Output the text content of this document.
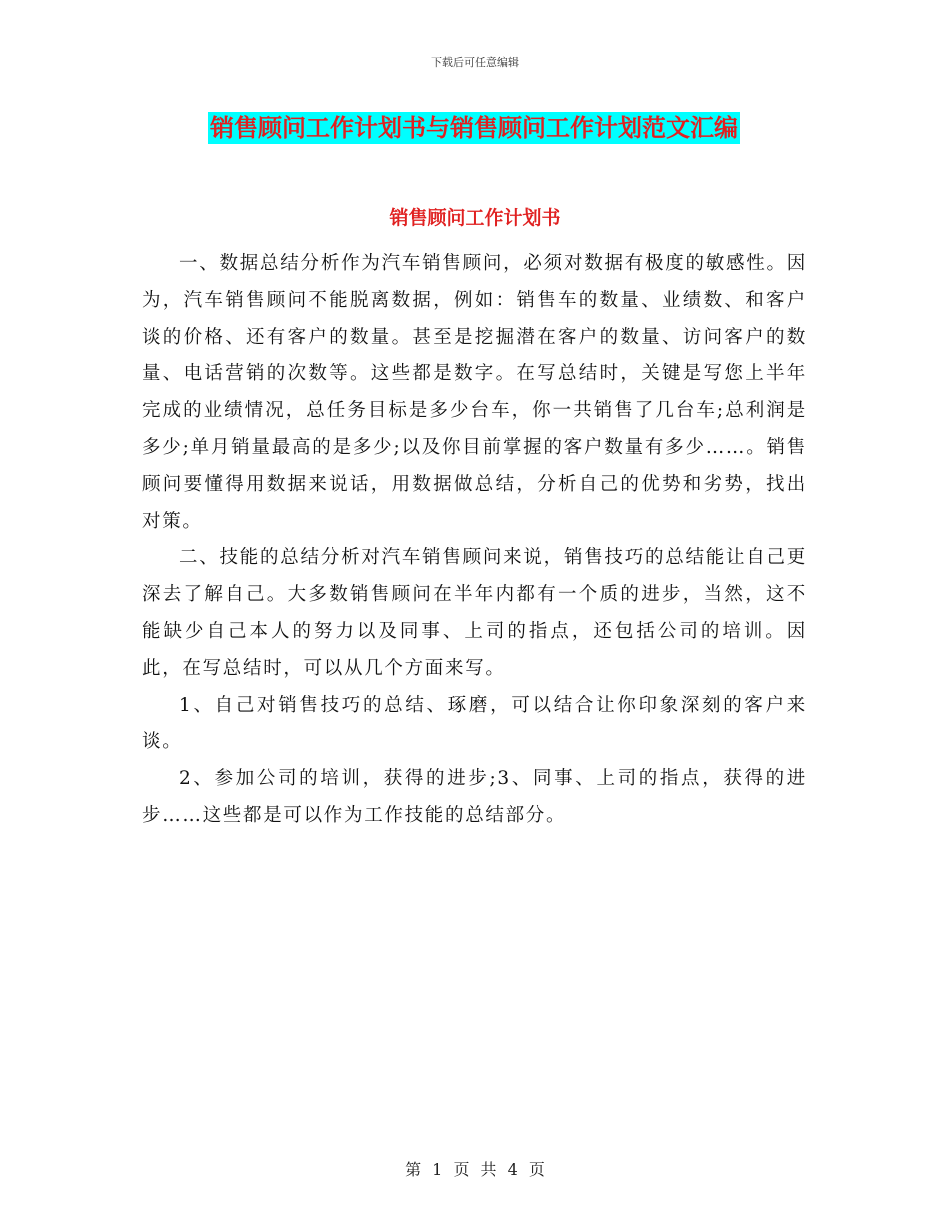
下载后可任意编辑
销售顾问工作计划书与销售顾问工作计划范文汇编
销售顾问工作计划书

一、数据总结分析作为汽车销售顾问，必须对数据有极度的敏感性。因为，汽车销售顾问不能脱离数据，例如：销售车的数量、业绩数、和客户谈的价格、还有客户的数量。甚至是挖掘潜在客户的数量、访问客户的数量、电话营销的次数等。这些都是数字。在写总结时，关键是写您上半年完成的业绩情况，总任务目标是多少台车，你一共销售了几台车;总利润是多少;单月销量最高的是多少;以及你目前掌握的客户数量有多少……。销售顾问要懂得用数据来说话，用数据做总结，分析自己的优势和劣势，找出对策。

二、技能的总结分析对汽车销售顾问来说，销售技巧的总结能让自己更深去了解自己。大多数销售顾问在半年内都有一个质的进步，当然，这不能缺少自己本人的努力以及同事、上司的指点，还包括公司的培训。因此，在写总结时，可以从几个方面来写。

1、自己对销售技巧的总结、琢磨，可以结合让你印象深刻的客户来谈。

2、参加公司的培训，获得的进步;3、同事、上司的指点，获得的进步……这些都是可以作为工作技能的总结部分。

第 1 页 共 4 页
